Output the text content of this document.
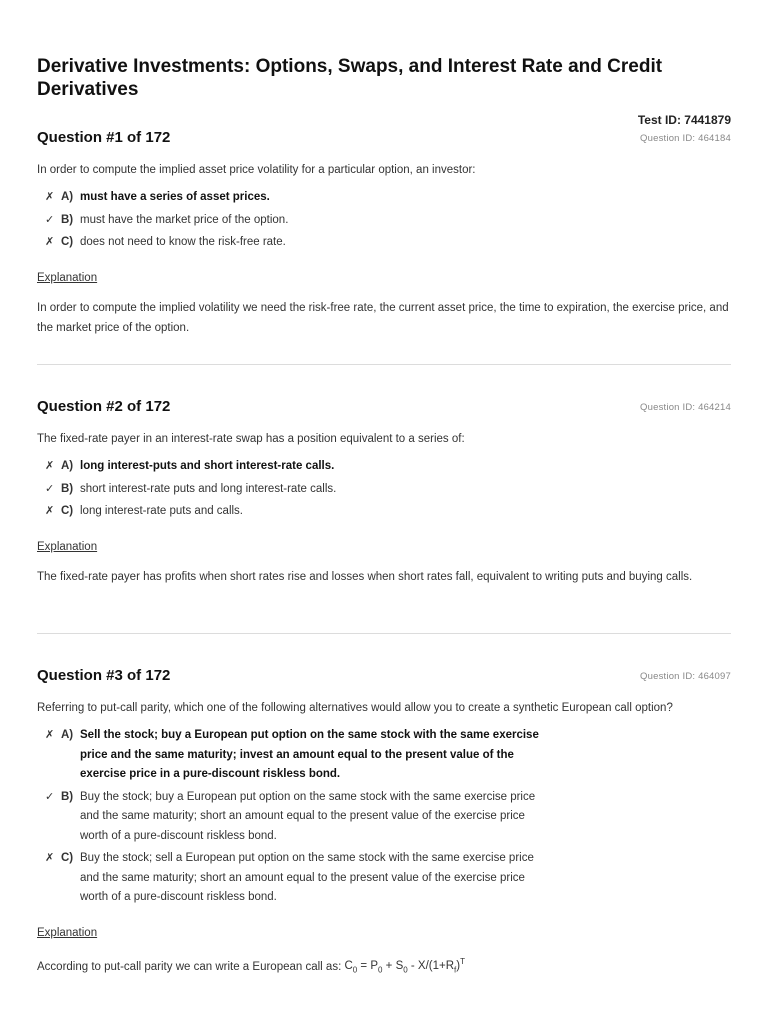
Derivative Investments: Options, Swaps, and Interest Rate and Credit Derivatives
Test ID: 7441879
Question #1 of 172	Question ID: 464184
In order to compute the implied asset price volatility for a particular option, an investor:
✗ A) must have a series of asset prices.
✓ B) must have the market price of the option.
✗ C) does not need to know the risk-free rate.
Explanation
In order to compute the implied volatility we need the risk-free rate, the current asset price, the time to expiration, the exercise price, and the market price of the option.
Question #2 of 172	Question ID: 464214
The fixed-rate payer in an interest-rate swap has a position equivalent to a series of:
✗ A) long interest-puts and short interest-rate calls.
✓ B) short interest-rate puts and long interest-rate calls.
✗ C) long interest-rate puts and calls.
Explanation
The fixed-rate payer has profits when short rates rise and losses when short rates fall, equivalent to writing puts and buying calls.
Question #3 of 172	Question ID: 464097
Referring to put-call parity, which one of the following alternatives would allow you to create a synthetic European call option?
✗ A) Sell the stock; buy a European put option on the same stock with the same exercise price and the same maturity; invest an amount equal to the present value of the exercise price in a pure-discount riskless bond.
✓ B) Buy the stock; buy a European put option on the same stock with the same exercise price and the same maturity; short an amount equal to the present value of the exercise price worth of a pure-discount riskless bond.
✗ C) Buy the stock; sell a European put option on the same stock with the same exercise price and the same maturity; short an amount equal to the present value of the exercise price worth of a pure-discount riskless bond.
Explanation
According to put-call parity we can write a European call as: $C_0 = P_0 + S_0 - X/(1+R_f)^T$
